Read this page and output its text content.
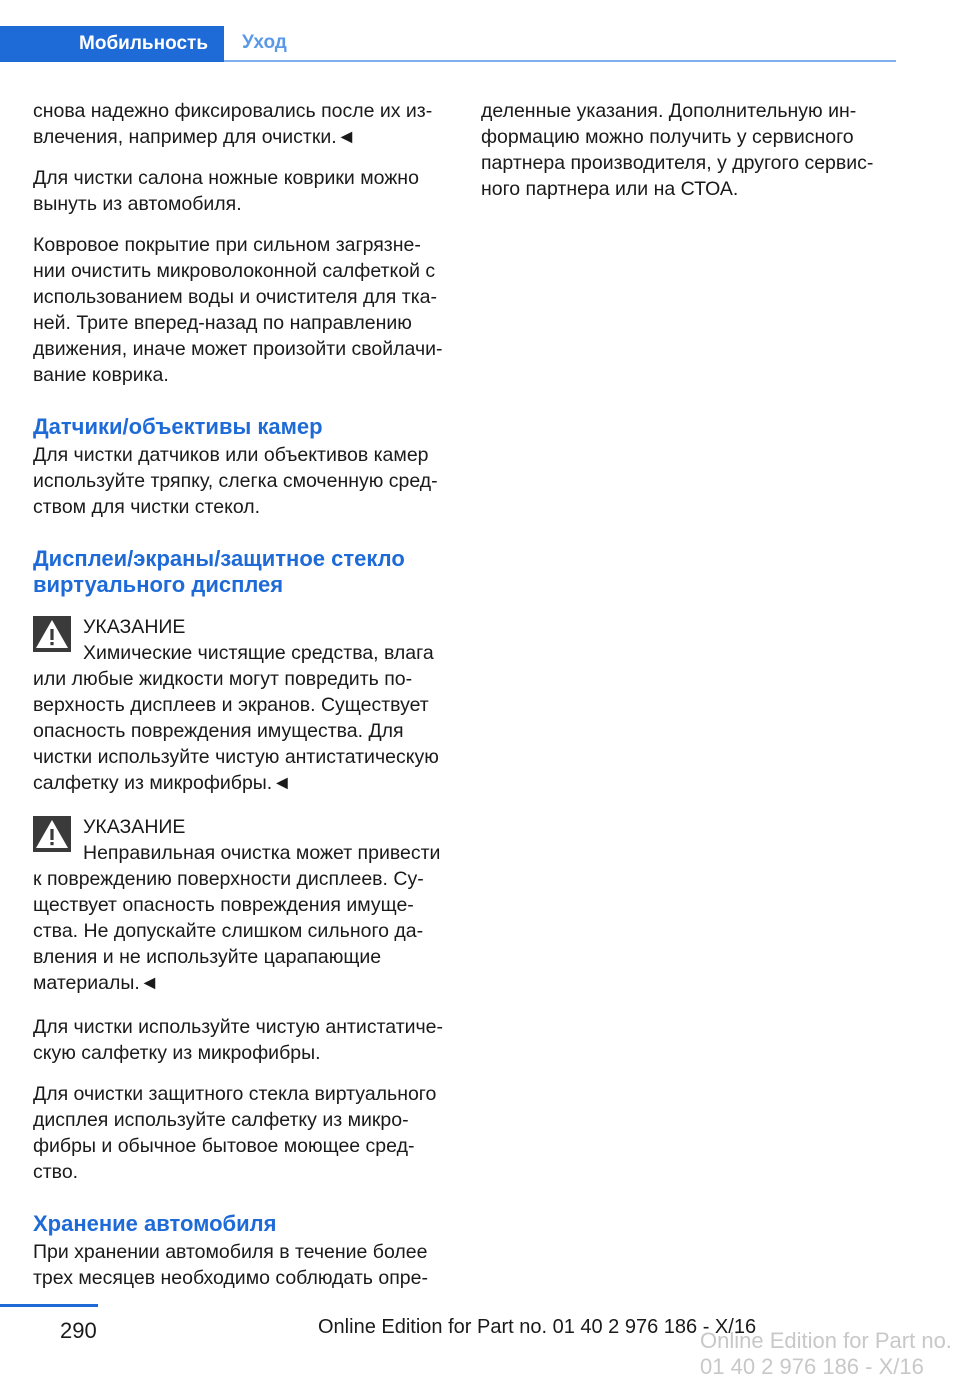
Мобильность	Уход

снова надежно фиксировались после их из-влечения, например для очистки.◄

Для чистки салона ножные коврики можно вынуть из автомобиля.

Ковровое покрытие при сильном загрязне-нии очистить микроволоконной салфеткой с использованием воды и очистителя для тка-ней. Трите вперед-назад по направлению движения, иначе может произойти свойлачи-вание коврика.

Датчики/объективы камер

Для чистки датчиков или объективов камер используйте тряпку, слегка смоченную сред-ством для чистки стекол.

Дисплеи/экраны/защитное стекло виртуального дисплея
УКАЗАНИЕ
Химические чистящие средства, влага

или любые жидкости могут повредить по-верхность дисплеев и экранов. Существует опасность повреждения имущества. Для чистки используйте чистую антистатическую салфетку из микрофибры.◄

УКАЗАНИЕ
Неправильная очистка может привести

к повреждению поверхности дисплеев. Су-ществует опасность повреждения имуще-ства. Не допускайте слишком сильного да-вления и не используйте царапающие материалы.◄

Для чистки используйте чистую антистатиче-скую салфетку из микрофибры.

Для очистки защитного стекла виртуального дисплея используйте салфетку из микро-фибры и обычное бытовое моющее сред-ство.

Хранение автомобиля

При хранении автомобиля в течение более трех месяцев необходимо соблюдать опре-

деленные указания. Дополнительную ин-формацию можно получить у сервисного партнера производителя, у другого сервис-ного партнера или на СТОА.

290	Online Edition for Part no. 01 40 2 976 186 - X/16
Online Edition for Part no. 01 40 2 976 186 - X/16
